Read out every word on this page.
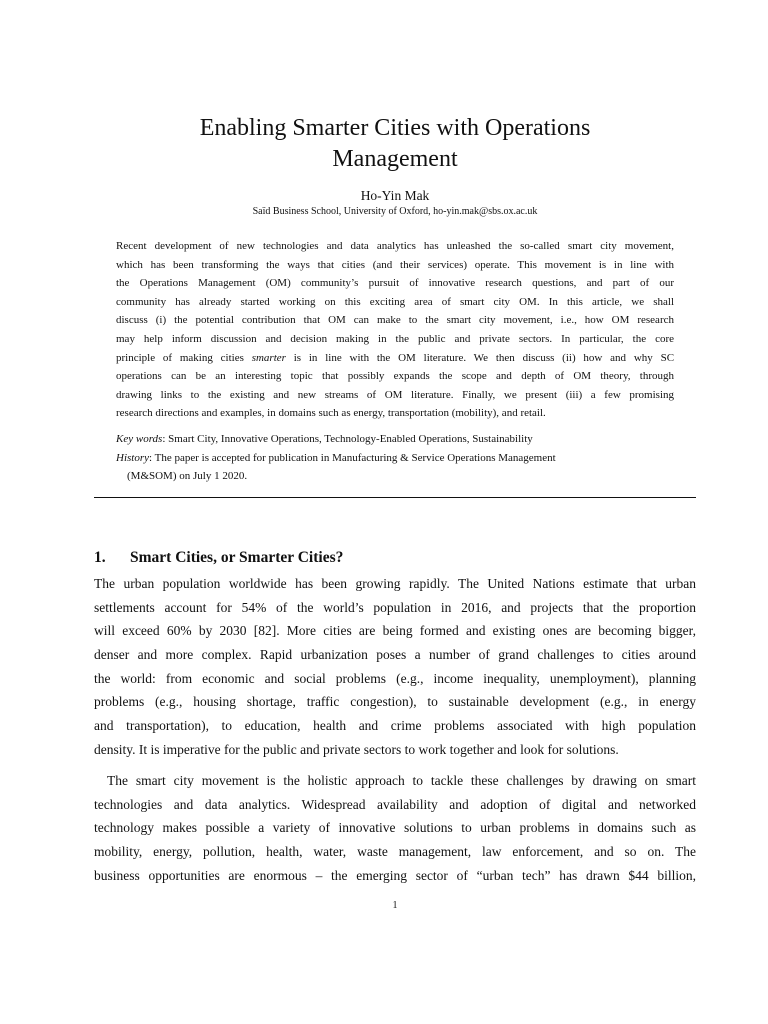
Enabling Smarter Cities with Operations
Management
Ho-Yin Mak
Saïd Business School, University of Oxford, ho-yin.mak@sbs.ox.ac.uk
Recent development of new technologies and data analytics has unleashed the so-called smart city movement,
which has been transforming the ways that cities (and their services) operate. This movement is in line with
the Operations Management (OM) community’s pursuit of innovative research questions, and part of our
community has already started working on this exciting area of smart city OM. In this article, we shall
discuss (i) the potential contribution that OM can make to the smart city movement, i.e., how OM research
may help inform discussion and decision making in the public and private sectors. In particular, the core
principle of making cities smarter is in line with the OM literature. We then discuss (ii) how and why SC
operations can be an interesting topic that possibly expands the scope and depth of OM theory, through
drawing links to the existing and new streams of OM literature. Finally, we present (iii) a few promising
research directions and examples, in domains such as energy, transportation (mobility), and retail.
Key words: Smart City, Innovative Operations, Technology-Enabled Operations, Sustainability
History: The paper is accepted for publication in Manufacturing & Service Operations Management
(M&SOM) on July 1 2020.
1. Smart Cities, or Smarter Cities?
The urban population worldwide has been growing rapidly. The United Nations estimate that urban
settlements account for 54% of the world’s population in 2016, and projects that the proportion
will exceed 60% by 2030 [82]. More cities are being formed and existing ones are becoming bigger,
denser and more complex. Rapid urbanization poses a number of grand challenges to cities around
the world: from economic and social problems (e.g., income inequality, unemployment), planning
problems (e.g., housing shortage, traffic congestion), to sustainable development (e.g., in energy
and transportation), to education, health and crime problems associated with high population
density. It is imperative for the public and private sectors to work together and look for solutions.
The smart city movement is the holistic approach to tackle these challenges by drawing on smart
technologies and data analytics. Widespread availability and adoption of digital and networked
technology makes possible a variety of innovative solutions to urban problems in domains such as
mobility, energy, pollution, health, water, waste management, law enforcement, and so on. The
business opportunities are enormous – the emerging sector of “urban tech” has drawn $44 billion,
1
